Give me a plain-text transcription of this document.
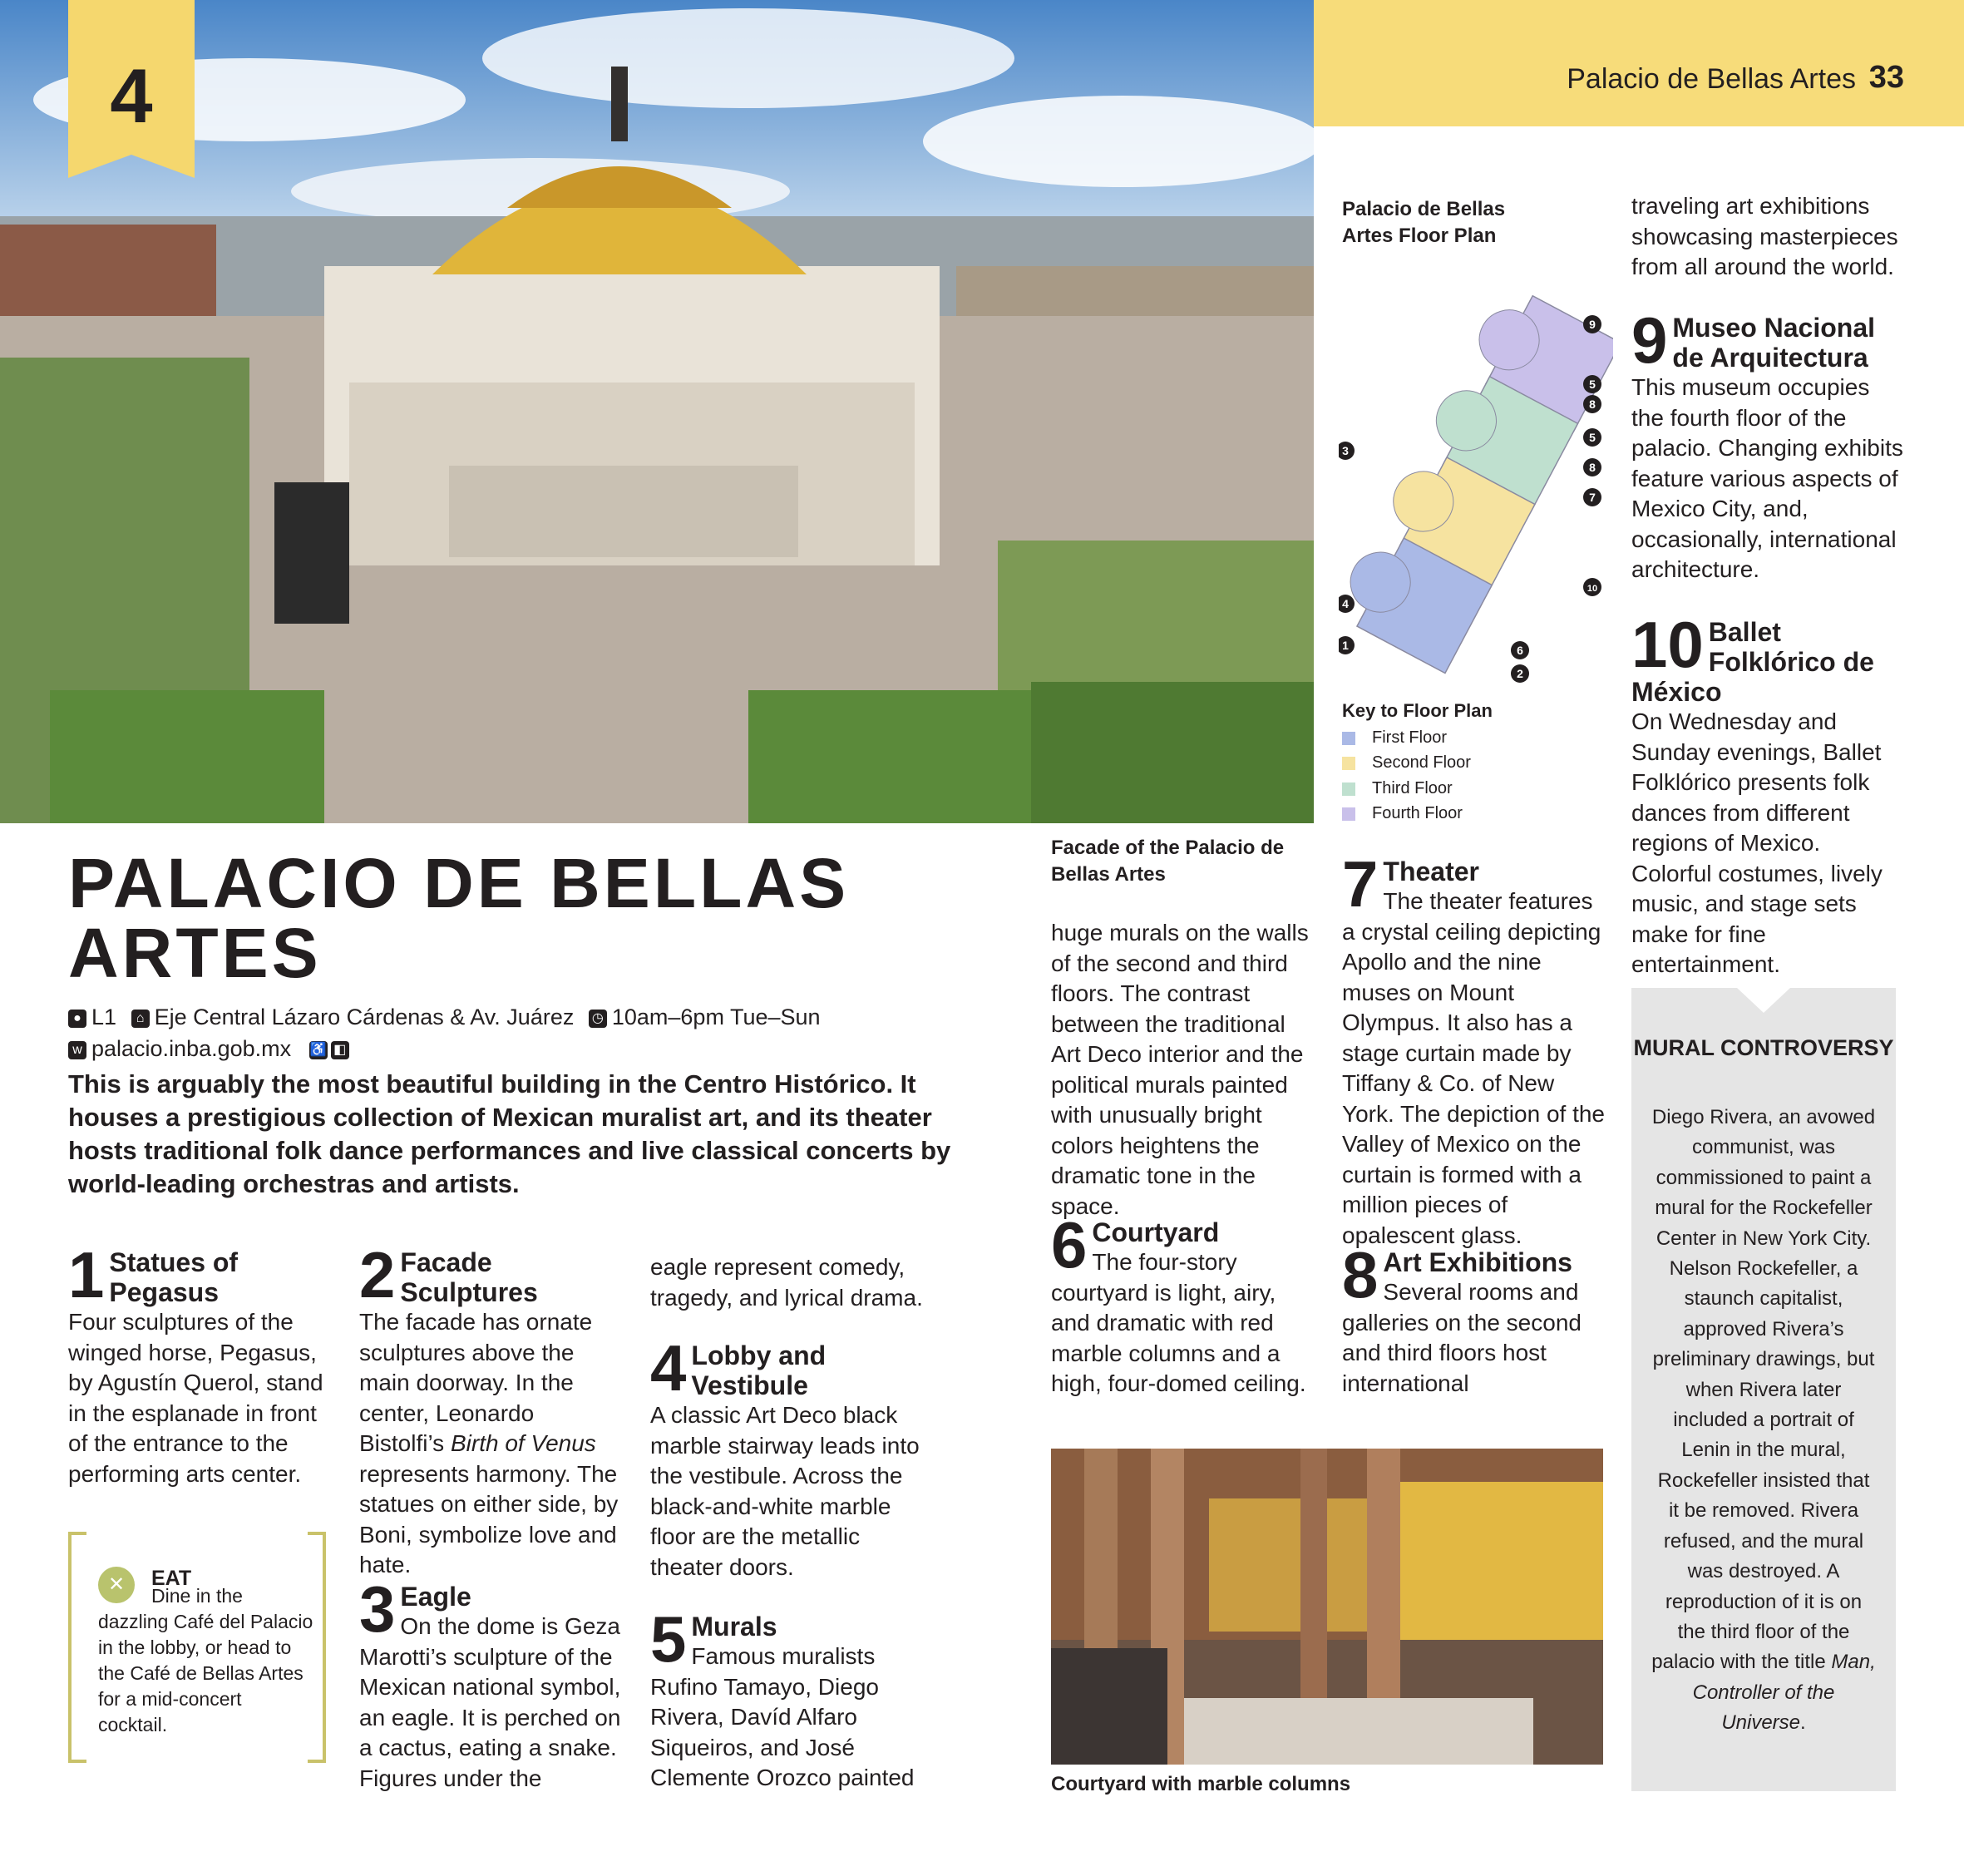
Palacio de Bellas Artes 33
4
PALACIO DE BELLAS ARTES
● L1 ⌂ Eje Central Lázaro Cárdenas & Av. Juárez ◷ 10am–6pm Tue–Sun
w palacio.inba.gob.mx ♿ ◧
This is arguably the most beautiful building in the Centro Histórico. It houses a prestigious collection of Mexican muralist art, and its theater hosts traditional folk dance performances and live classical concerts by world-leading orchestras and artists.
1 Statues of Pegasus

Four sculptures of the winged horse, Pegasus, by Agustín Querol, stand in the esplanade in front of the entrance to the performing arts center.

✕	EAT
Dine in the dazzling Café del Palacio in the lobby, or head to the Café de Bellas Artes for a mid-concert cocktail.
2 Facade Sculptures

The facade has ornate sculptures above the main doorway. In the center, Leonardo Bistolfi’s Birth of Venus represents harmony. The statues on either side, by Boni, symbolize love and hate.

3 Eagle

On the dome is Geza Marotti’s sculpture of the Mexican national symbol, an eagle. It is perched on a cactus, eating a snake. Figures under the

eagle represent comedy, tragedy, and lyrical drama.
4 Lobby and Vestibule

A classic Art Deco black marble stairway leads into the vestibule. Across the black-and-white marble floor are the metallic theater doors.

5 Murals

Famous muralists Rufino Tamayo, Diego Rivera, Davíd Alfaro Siqueiros, and José Clemente Orozco painted

Facade of the Palacio de Bellas Artes
huge murals on the walls of the second and third floors. The contrast between the traditional Art Deco interior and the political murals painted with unusually bright colors heightens the dramatic tone in the space.
6 Courtyard

The four-story courtyard is light, airy, and dramatic with red marble columns and a high, four-domed ceiling.

Courtyard with marble columns
Palacio de Bellas Artes Floor Plan
9
5
8
3
5
8
7
10
4
1	6
2
Key to Floor Plan
First Floor
Second Floor
Third Floor
Fourth Floor
7 Theater

The theater features a crystal ceiling depicting Apollo and the nine muses on Mount Olympus. It also has a stage curtain made by Tiffany & Co. of New York. The depiction of the Valley of Mexico on the curtain is formed with a million pieces of opalescent glass.

8 Art Exhibitions

Several rooms and galleries on the second and third floors host international

traveling art exhibitions showcasing masterpieces from all around the world.
9 Museo Nacional de Arquitectura

This museum occupies the fourth floor of the palacio. Changing exhibits feature various aspects of Mexico City, and, occasionally, international architecture.

10 Ballet Folklórico de México

On Wednesday and Sunday evenings, Ballet Folklórico presents folk dances from different regions of Mexico. Colorful costumes, lively music, and stage sets make for fine entertainment.

MURAL CONTROVERSY
Diego Rivera, an avowed communist, was commissioned to paint a mural for the Rockefeller Center in New York City. Nelson Rockefeller, a staunch capitalist, approved Rivera’s preliminary drawings, but when Rivera later included a portrait of Lenin in the mural, Rockefeller insisted that it be removed. Rivera refused, and the mural was destroyed. A reproduction of it is on the third floor of the palacio with the title Man, Controller of the Universe.
